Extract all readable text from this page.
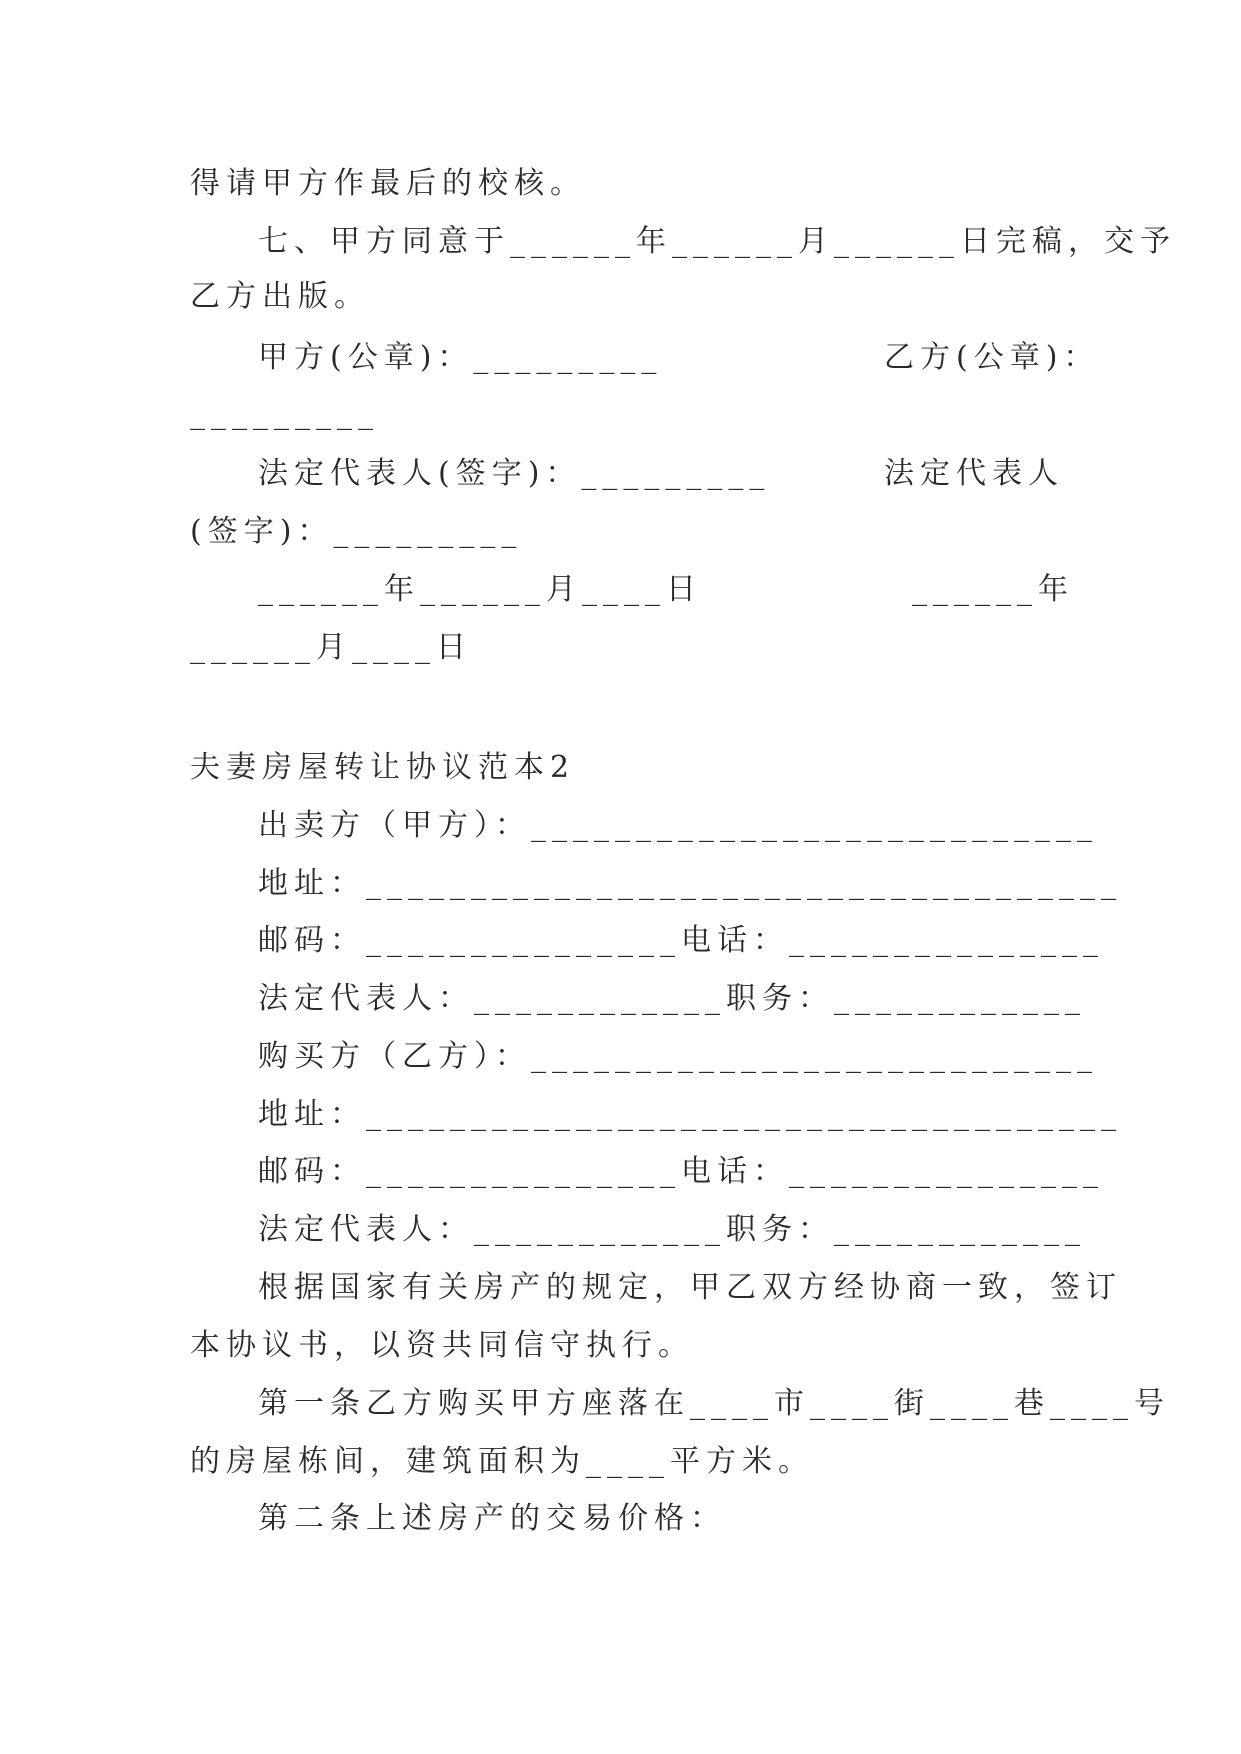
得请甲方作最后的校核。
七、甲方同意于______年______月______日完稿，交予
乙方出版。
甲方(公章)：_________	乙方(公章)：
_________
法定代表人(签字)：_________	法定代表人
(签字)：_________
______年______月____日	______年
______月____日
夫妻房屋转让协议范本2
出卖方（甲方）：___________________________
地址：____________________________________
邮码：_______________电话：_______________
法定代表人：____________职务：____________
购买方（乙方）：___________________________
地址：____________________________________
邮码：_______________电话：_______________
法定代表人：____________职务：____________
根据国家有关房产的规定，甲乙双方经协商一致，签订
本协议书，以资共同信守执行。
第一条乙方购买甲方座落在____市____街____巷____号
的房屋栋间，建筑面积为____平方米。
第二条上述房产的交易价格：
